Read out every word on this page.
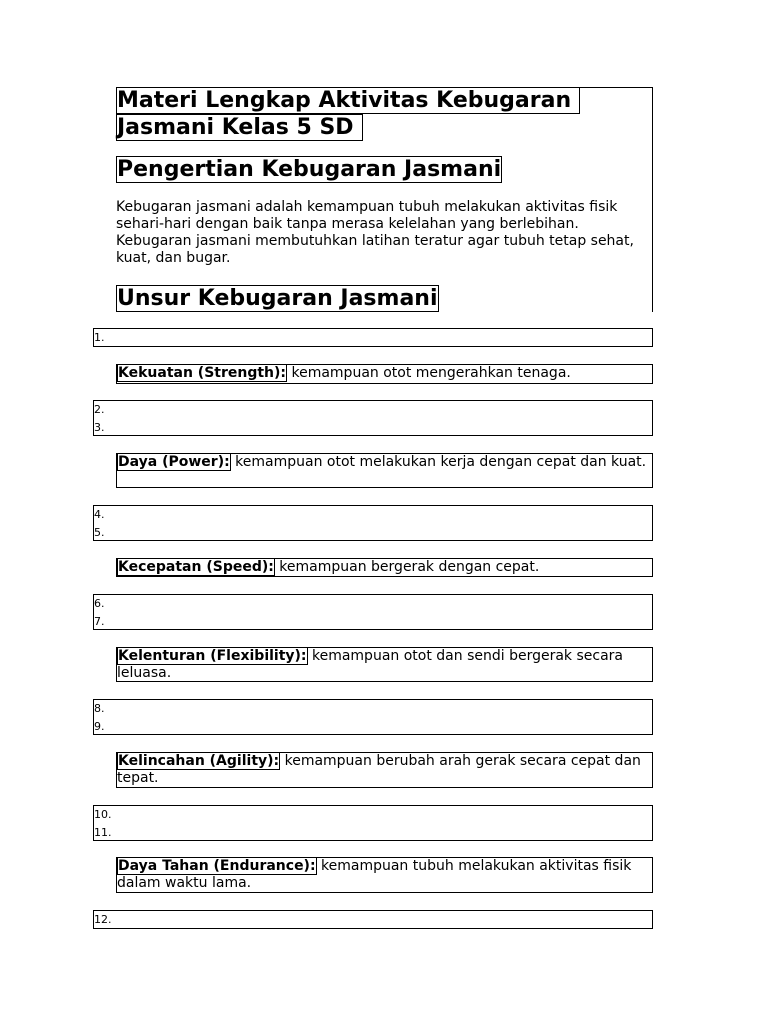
Materi Lengkap Aktivitas Kebugaran
Jasmani Kelas 5 SD
Pengertian Kebugaran Jasmani

Kebugaran jasmani adalah kemampuan tubuh melakukan aktivitas fisik sehari-hari dengan baik tanpa merasa kelelahan yang berlebihan. Kebugaran jasmani membutuhkan latihan teratur agar tubuh tetap sehat, kuat, dan bugar.

Unsur Kebugaran Jasmani
1.
Kekuatan (Strength): kemampuan otot mengerahkan tenaga.
2.
3.
Daya (Power): kemampuan otot melakukan kerja dengan cepat dan kuat.
4.
5.
Kecepatan (Speed): kemampuan bergerak dengan cepat.
6.
7.
Kelenturan (Flexibility): kemampuan otot dan sendi bergerak secara leluasa.
8.
9.
Kelincahan (Agility): kemampuan berubah arah gerak secara cepat dan tepat.
10.
11.
Daya Tahan (Endurance): kemampuan tubuh melakukan aktivitas fisik dalam waktu lama.
12.
